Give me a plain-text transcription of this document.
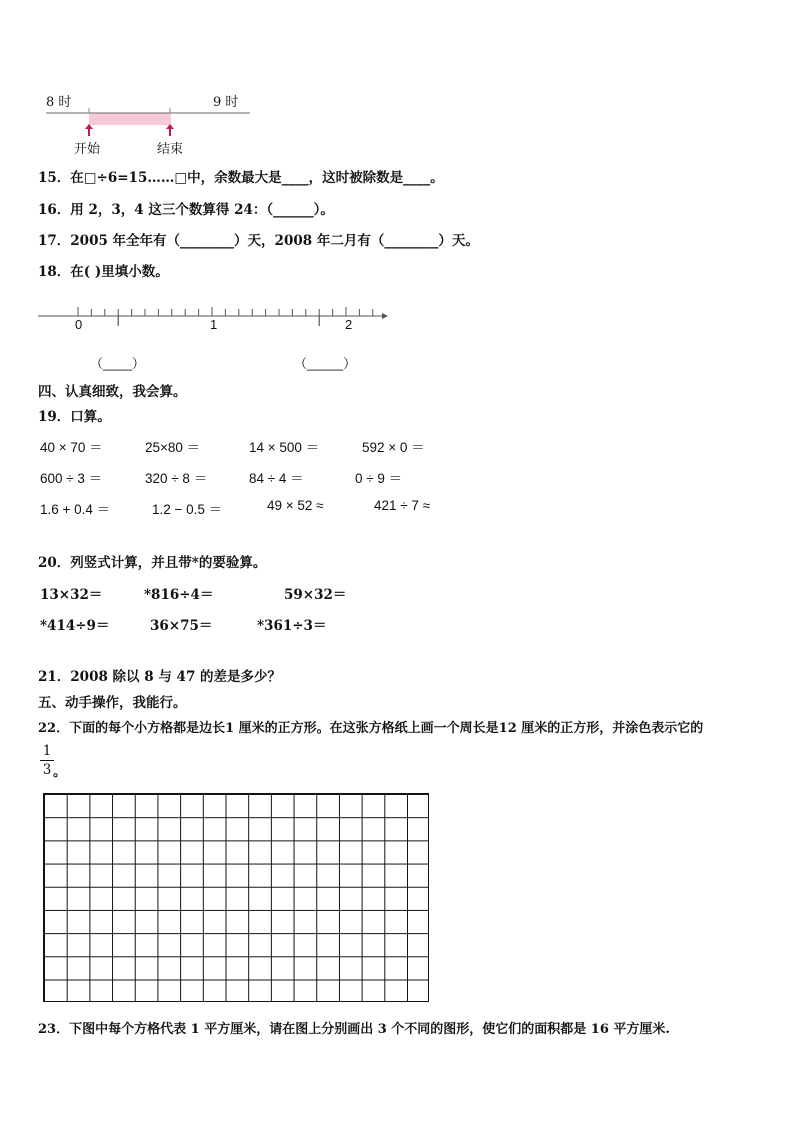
8 时	9 时
开始	结束
15．在□÷6=15……□中，余数最大是____，这时被除数是____。
16．用 2，3，4 这三个数算得 24：（______）。
17．2005 年全年有（________）天，2008 年二月有（________）天。
18．在( )里填小数。
0	1	2
（____）	（_____）
四、认真细致，我会算。
19．口算。
40 × 70 ＝	25×80 ＝	14 × 500 ＝	592 × 0 ＝
600 ÷ 3 ＝	320 ÷ 8 ＝	84 ÷ 4 ＝	0 ÷ 9 ＝
1.6 + 0.4 ＝	1.2 − 0.5 ＝	49 × 52 ≈	421 ÷ 7 ≈
20．列竖式计算，并且带*的要验算。
13×32＝	*816÷4＝	59×32＝
*414÷9＝	36×75＝	*361÷3＝
21．2008 除以 8 与 47 的差是多少？
五、动手操作，我能行。
22．下面的每个小方格都是边长1 厘米的正方形。在这张方格纸上画一个周长是12 厘米的正方形，并涂色表示它的
1
3 。
23．下图中每个方格代表 1 平方厘米，请在图上分别画出 3 个不同的图形，使它们的面积都是 16 平方厘米.
